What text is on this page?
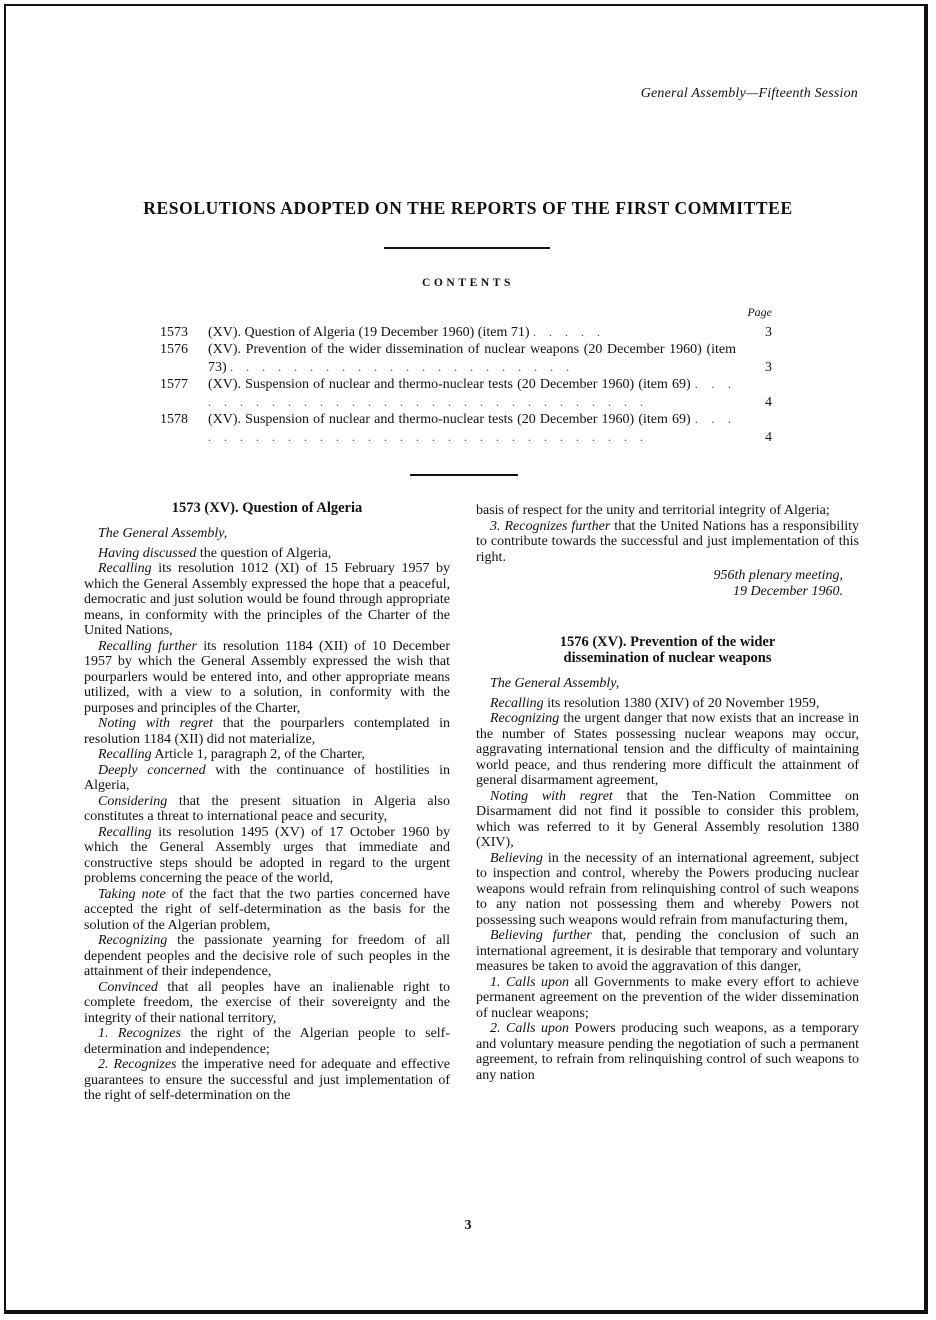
General Assembly—Fifteenth Session
RESOLUTIONS ADOPTED ON THE REPORTS OF THE FIRST COMMITTEE
CONTENTS
Page
1573	(XV). Question of Algeria (19 December 1960) (item 71) . . . . .	3
1576	(XV). Prevention of the wider dissemination of nuclear weapons (20 December 1960) (item 73) . . . . . . . . . . . . . . . . . . . . . .	3
1577	(XV). Suspension of nuclear and thermo-nuclear tests (20 December 1960) (item 69) . . . . . . . . . . . . . . . . . . . . . . . . . . . . . . .	4
1578	(XV). Suspension of nuclear and thermo-nuclear tests (20 December 1960) (item 69) . . . . . . . . . . . . . . . . . . . . . . . . . . . . . . .	4
1573 (XV). Question of Algeria

The General Assembly,

Having discussed the question of Algeria,

Recalling its resolution 1012 (XI) of 15 February 1957 by which the General Assembly expressed the hope that a peaceful, democratic and just solution would be found through appropriate means, in conformity with the principles of the Charter of the United Nations,

Recalling further its resolution 1184 (XII) of 10 December 1957 by which the General Assembly expressed the wish that pourparlers would be entered into, and other appropriate means utilized, with a view to a solution, in conformity with the purposes and principles of the Charter,

Noting with regret that the pourparlers contemplated in resolution 1184 (XII) did not materialize,

Recalling Article 1, paragraph 2, of the Charter,

Deeply concerned with the continuance of hostilities in Algeria,

Considering that the present situation in Algeria also constitutes a threat to international peace and security,

Recalling its resolution 1495 (XV) of 17 October 1960 by which the General Assembly urges that immediate and constructive steps should be adopted in regard to the urgent problems concerning the peace of the world,

Taking note of the fact that the two parties concerned have accepted the right of self-determination as the basis for the solution of the Algerian problem,

Recognizing the passionate yearning for freedom of all dependent peoples and the decisive role of such peoples in the attainment of their independence,

Convinced that all peoples have an inalienable right to complete freedom, the exercise of their sovereignty and the integrity of their national territory,

1. Recognizes the right of the Algerian people to self-determination and independence;

2. Recognizes the imperative need for adequate and effective guarantees to ensure the successful and just implementation of the right of self-determination on the

basis of respect for the unity and territorial integrity of Algeria;

3. Recognizes further that the United Nations has a responsibility to contribute towards the successful and just implementation of this right.

956th plenary meeting,
19 December 1960.
1576 (XV). Prevention of the wider
dissemination of nuclear weapons

The General Assembly,

Recalling its resolution 1380 (XIV) of 20 November 1959,

Recognizing the urgent danger that now exists that an increase in the number of States possessing nuclear weapons may occur, aggravating international tension and the difficulty of maintaining world peace, and thus rendering more difficult the attainment of general disarmament agreement,

Noting with regret that the Ten-Nation Committee on Disarmament did not find it possible to consider this problem, which was referred to it by General Assembly resolution 1380 (XIV),

Believing in the necessity of an international agreement, subject to inspection and control, whereby the Powers producing nuclear weapons would refrain from relinquishing control of such weapons to any nation not possessing them and whereby Powers not possessing such weapons would refrain from manufacturing them,

Believing further that, pending the conclusion of such an international agreement, it is desirable that temporary and voluntary measures be taken to avoid the aggravation of this danger,

1. Calls upon all Governments to make every effort to achieve permanent agreement on the prevention of the wider dissemination of nuclear weapons;

2. Calls upon Powers producing such weapons, as a temporary and voluntary measure pending the negotiation of such a permanent agreement, to refrain from relinquishing control of such weapons to any nation

3
